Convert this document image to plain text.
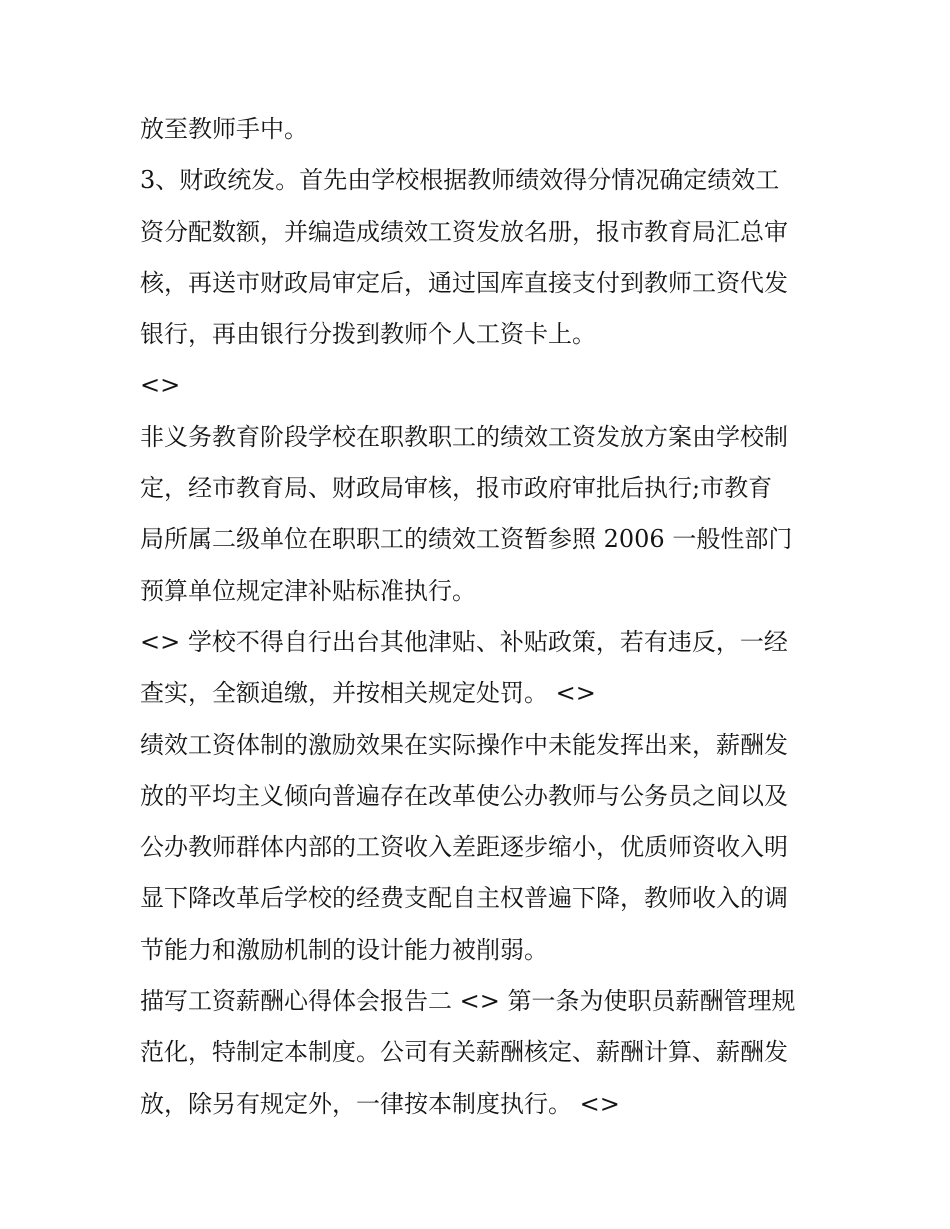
放至教师手中。
3、财政统发。首先由学校根据教师绩效得分情况确定绩效工
资分配数额，并编造成绩效工资发放名册，报市教育局汇总审
核，再送市财政局审定后，通过国库直接支付到教师工资代发
银行，再由银行分拨到教师个人工资卡上。
<>
非义务教育阶段学校在职教职工的绩效工资发放方案由学校制
定，经市教育局、财政局审核，报市政府审批后执行;市教育
局所属二级单位在职职工的绩效工资暂参照 2006 一般性部门
预算单位规定津补贴标准执行。
<> 学校不得自行出台其他津贴、补贴政策，若有违反，一经
查实，全额追缴，并按相关规定处罚。 <>
绩效工资体制的激励效果在实际操作中未能发挥出来，薪酬发
放的平均主义倾向普遍存在改革使公办教师与公务员之间以及
公办教师群体内部的工资收入差距逐步缩小，优质师资收入明
显下降改革后学校的经费支配自主权普遍下降，教师收入的调
节能力和激励机制的设计能力被削弱。
描写工资薪酬心得体会报告二 <> 第一条为使职员薪酬管理规
范化，特制定本制度。公司有关薪酬核定、薪酬计算、薪酬发
放，除另有规定外，一律按本制度执行。 <>
